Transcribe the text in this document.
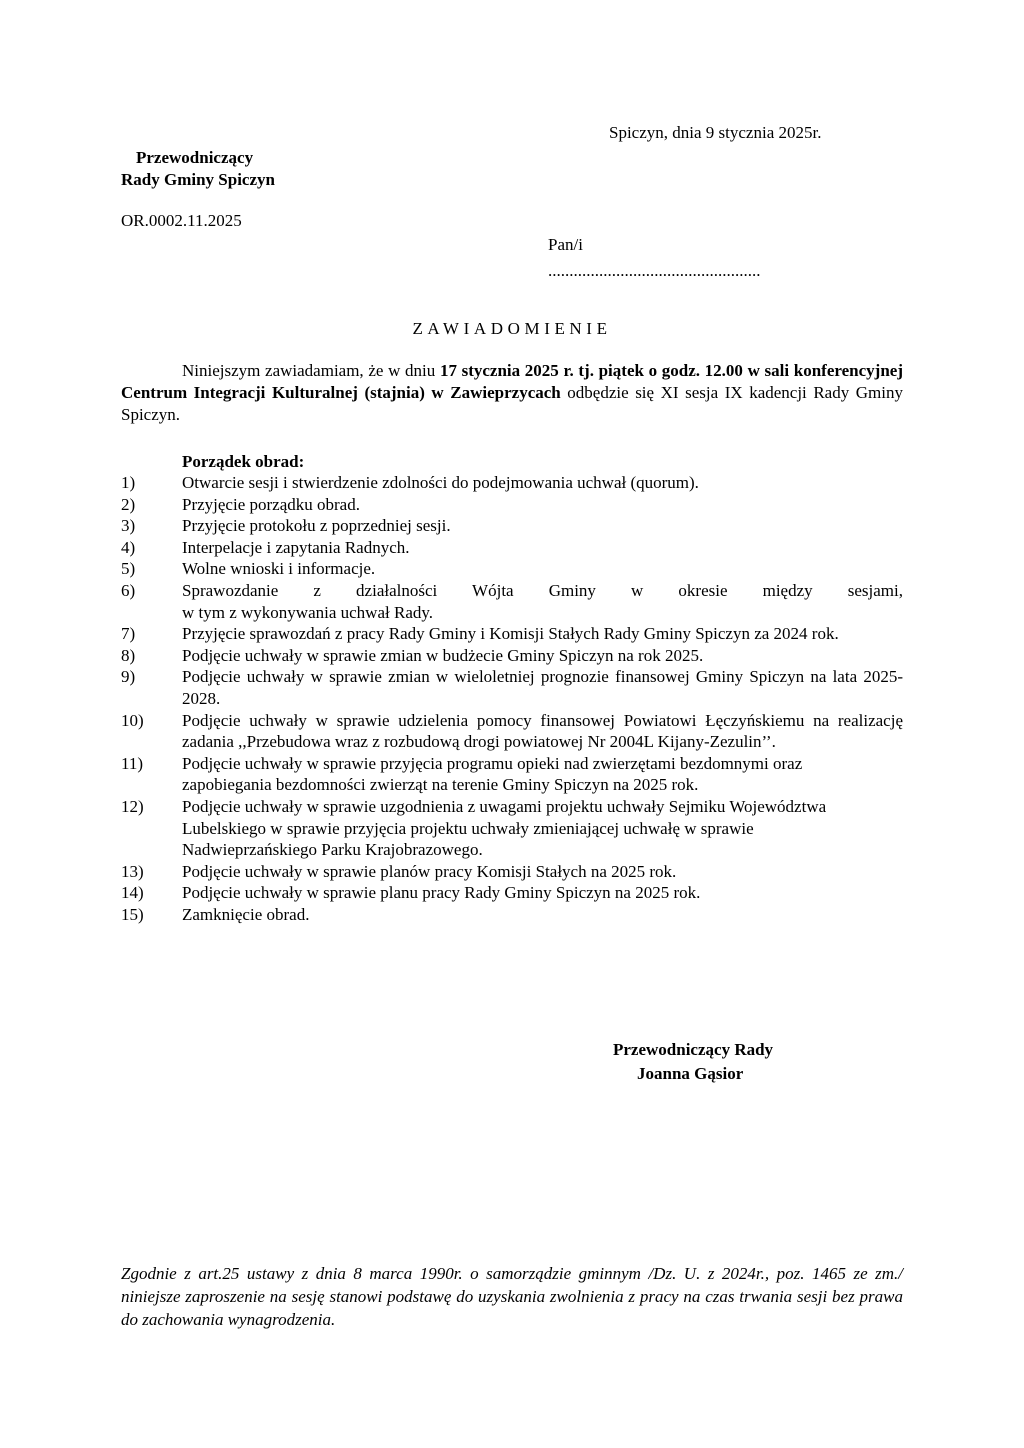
Spiczyn, dnia 9 stycznia 2025r.
Przewodniczący
Rady Gminy Spiczyn
OR.0002.11.2025
Pan/i
..................................................
ZAWIADOMIENIE
Niniejszym zawiadamiam, że w dniu 17 stycznia 2025 r. tj. piątek o godz. 12.00 w sali konferencyjnej Centrum Integracji Kulturalnej (stajnia) w Zawieprzycach odbędzie się XI sesja IX kadencji Rady Gminy Spiczyn.
Porządek obrad:
1)	Otwarcie sesji i stwierdzenie zdolności do podejmowania uchwał (quorum).
2)	Przyjęcie porządku obrad.
3)	Przyjęcie protokołu z poprzedniej sesji.
4)	Interpelacje i zapytania Radnych.
5)	Wolne wnioski i informacje.
6)	Sprawozdanie z działalności Wójta Gminy w okresie między sesjami,
w tym z wykonywania uchwał Rady.
7)	Przyjęcie sprawozdań z pracy Rady Gminy i Komisji Stałych Rady Gminy Spiczyn za 2024 rok.
8)	Podjęcie uchwały w sprawie zmian w budżecie Gminy Spiczyn na rok 2025.
9)	Podjęcie uchwały w sprawie zmian w wieloletniej prognozie finansowej Gminy Spiczyn na lata 2025-2028.
10)	Podjęcie uchwały w sprawie udzielenia pomocy finansowej Powiatowi Łęczyńskiemu na realizację zadania ,,Przebudowa wraz z rozbudową drogi powiatowej Nr 2004L Kijany-Zezulin’’.
11)	Podjęcie uchwały w sprawie przyjęcia programu opieki nad zwierzętami bezdomnymi oraz
zapobiegania bezdomności zwierząt na terenie Gminy Spiczyn na 2025 rok.
12)	Podjęcie uchwały w sprawie uzgodnienia z uwagami projektu uchwały Sejmiku Województwa
Lubelskiego w sprawie przyjęcia projektu uchwały zmieniającej uchwałę w sprawie
Nadwieprzańskiego Parku Krajobrazowego.
13)	Podjęcie uchwały w sprawie planów pracy Komisji Stałych na 2025 rok.
14)	Podjęcie uchwały w sprawie planu pracy Rady Gminy Spiczyn na 2025 rok.
15)	Zamknięcie obrad.
Przewodniczący Rady
Joanna Gąsior
Zgodnie z art.25 ustawy z dnia 8 marca 1990r. o samorządzie gminnym /Dz. U. z 2024r., poz. 1465 ze zm./ niniejsze zaproszenie na sesję stanowi podstawę do uzyskania zwolnienia z pracy na czas trwania sesji bez prawa do zachowania wynagrodzenia.
